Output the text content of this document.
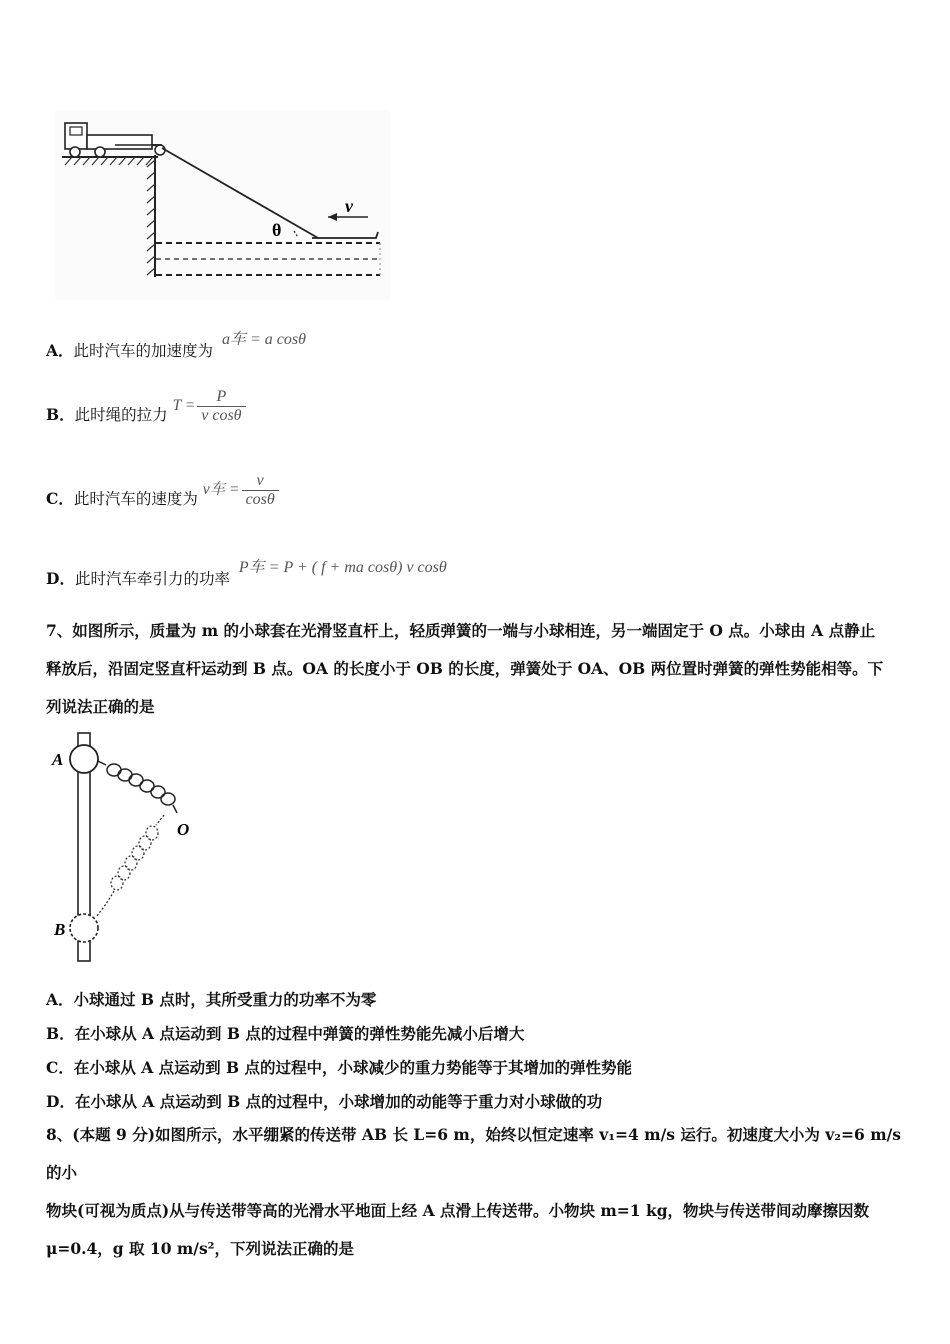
θ
v
A．此时汽车的加速度为 a车 = a cosθ
B．此时绳的拉力 $T = \frac{P}{\text{v cosθ}}$
C．此时汽车的速度为 v车 = $\frac{v}{\cos\theta}$
D．此时汽车牵引力的功率 P车 = P + ( f + ma cosθ) v cosθ
7、如图所示，质量为 m 的小球套在光滑竖直杆上，轻质弹簧的一端与小球相连，另一端固定于 O 点。小球由 A 点静止
释放后，沿固定竖直杆运动到 B 点。OA 的长度小于 OB 的长度，弹簧处于 OA、OB 两位置时弹簧的弹性势能相等。下
列说法正确的是
A
O
B
A．小球通过 B 点时，其所受重力的功率不为零
B．在小球从 A 点运动到 B 点的过程中弹簧的弹性势能先减小后增大
C．在小球从 A 点运动到 B 点的过程中，小球减少的重力势能等于其增加的弹性势能
D．在小球从 A 点运动到 B 点的过程中，小球增加的动能等于重力对小球做的功
8、(本题 9 分)如图所示，水平绷紧的传送带 AB 长 L=6 m，始终以恒定速率 v₁=4 m/s 运行。初速度大小为 v₂=6 m/s 的小
物块(可视为质点)从与传送带等高的光滑水平地面上经 A 点滑上传送带。小物块 m=1 kg，物块与传送带间动摩擦因数
μ=0.4，g 取 10 m/s²，下列说法正确的是
